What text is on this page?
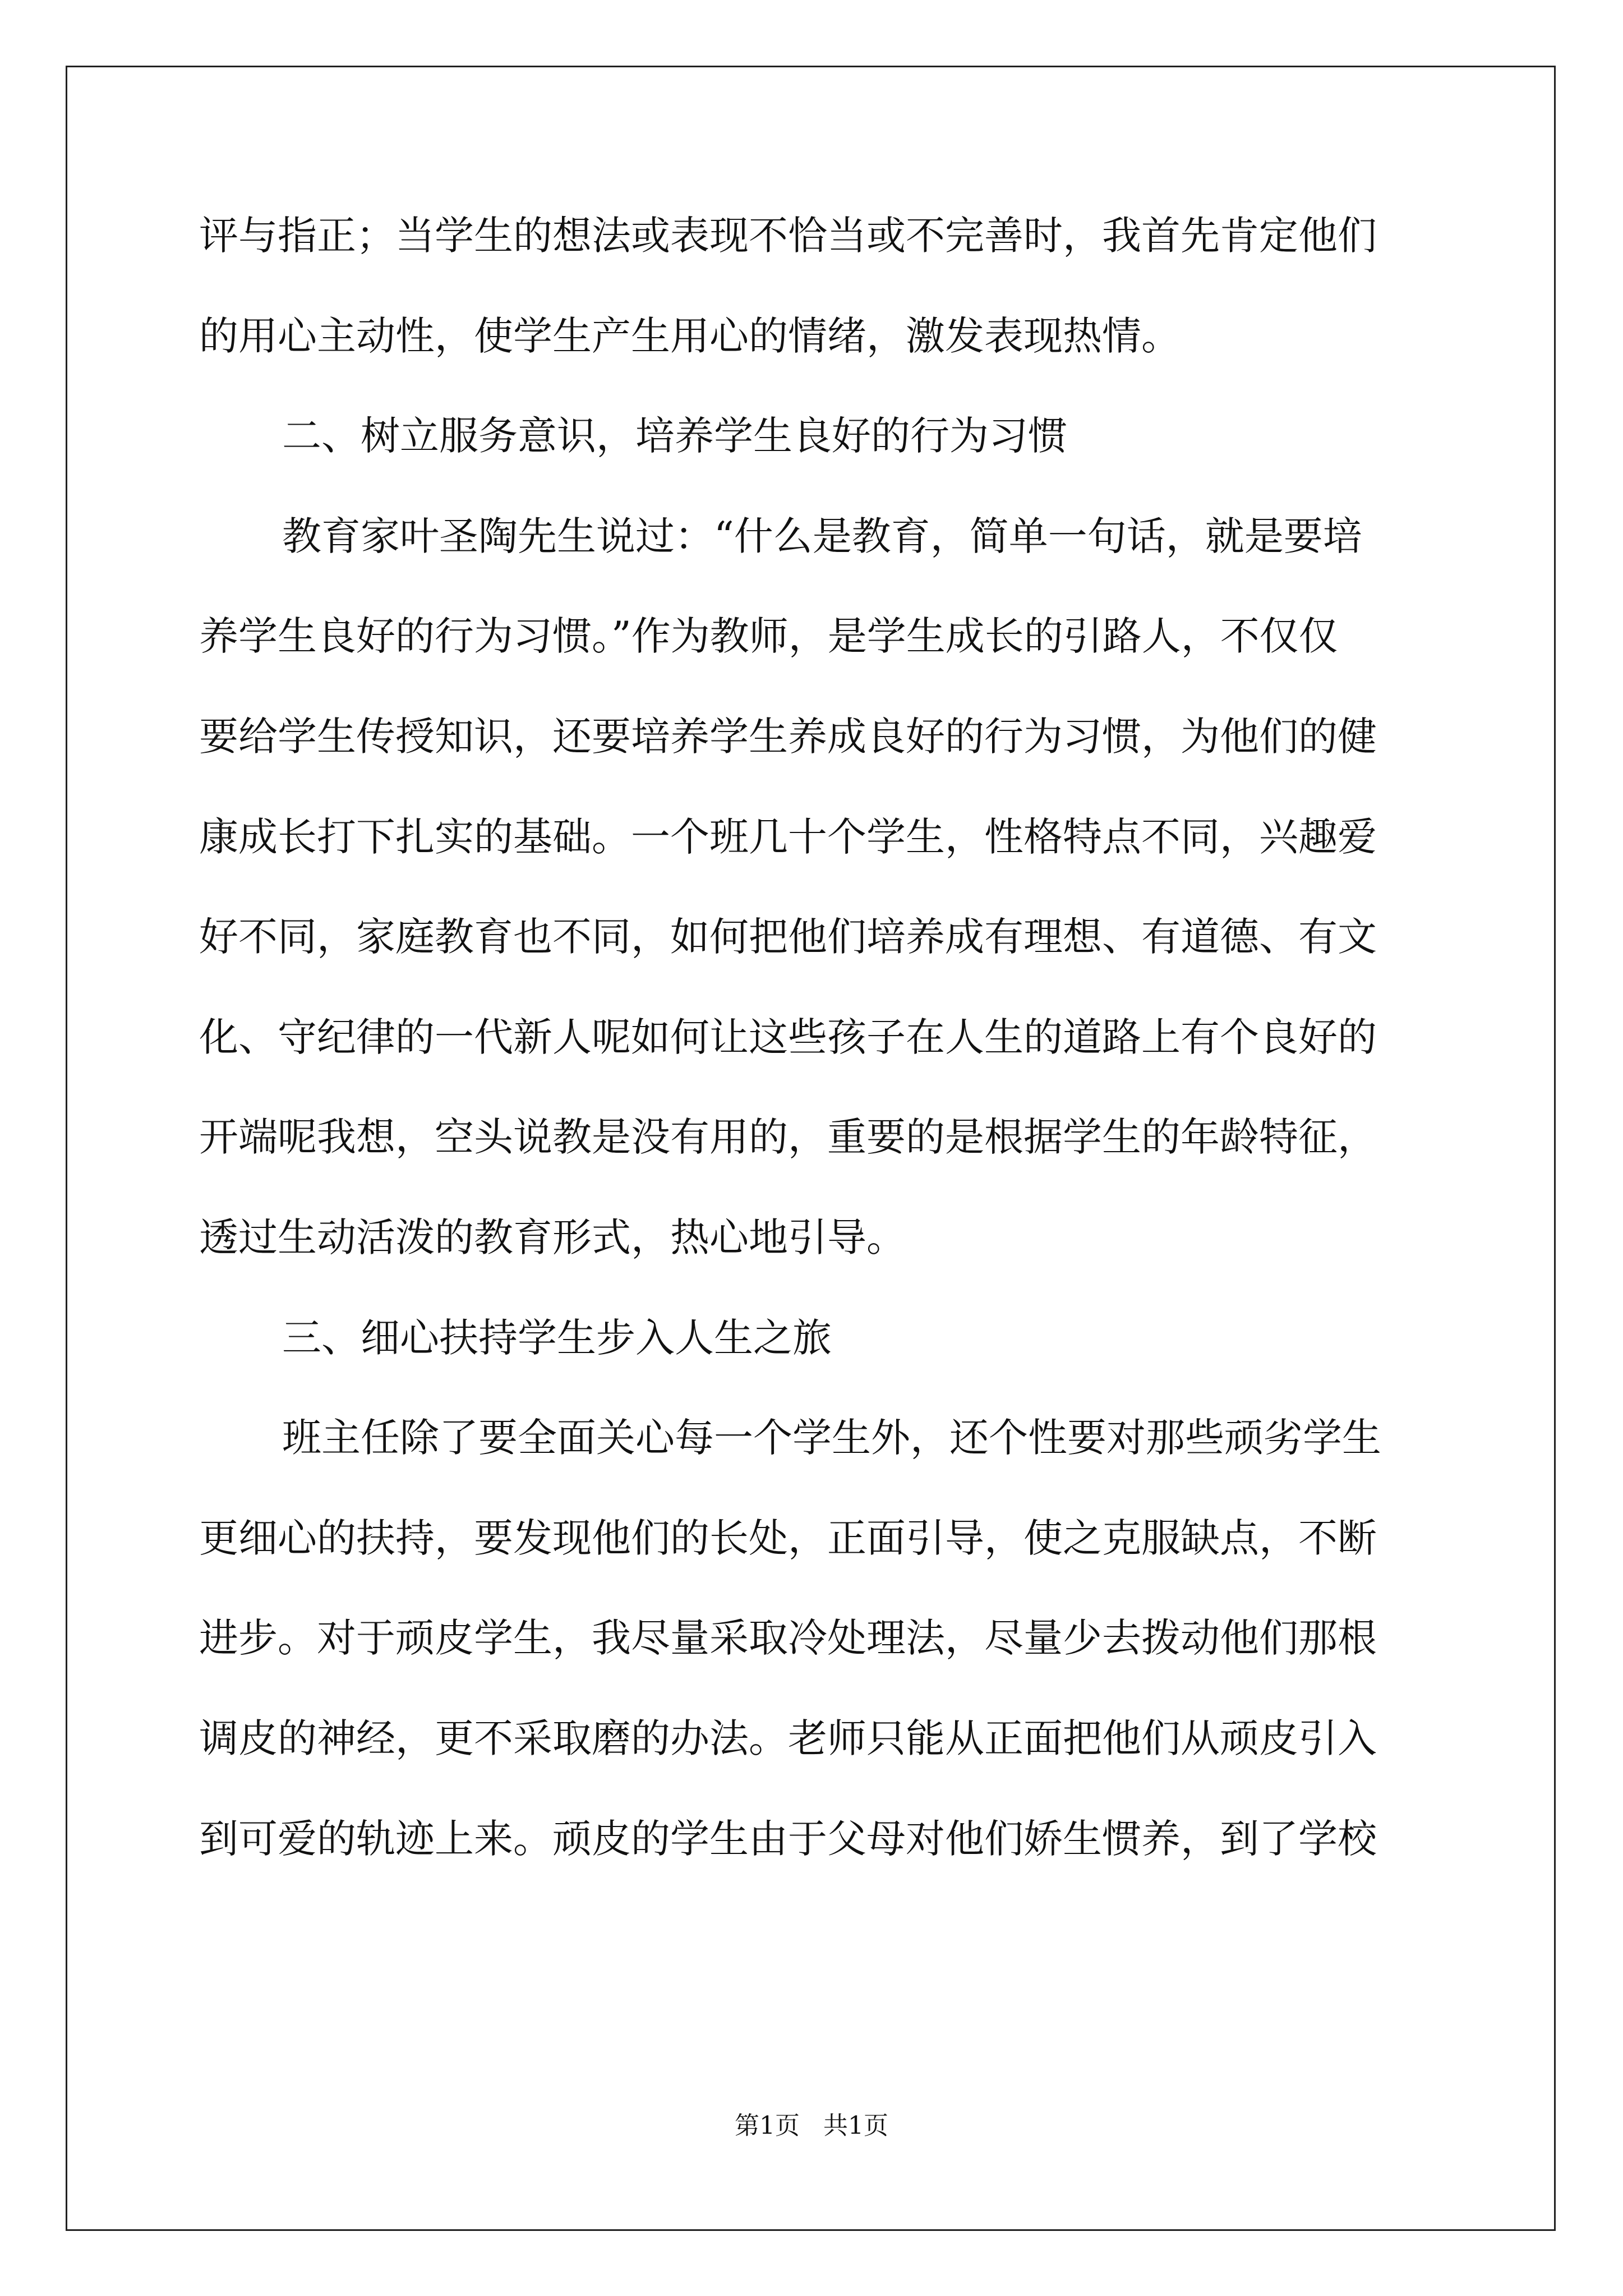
评与指正；当学生的想法或表现不恰当或不完善时，我首先肯定他们
的用心主动性，使学生产生用心的情绪，激发表现热情。
二、树立服务意识，培养学生良好的行为习惯
教育家叶圣陶先生说过：“什么是教育，简单一句话，就是要培
养学生良好的行为习惯。”作为教师，是学生成长的引路人，不仅仅
要给学生传授知识，还要培养学生养成良好的行为习惯，为他们的健
康成长打下扎实的基础。一个班几十个学生，性格特点不同，兴趣爱
好不同，家庭教育也不同，如何把他们培养成有理想、有道德、有文
化、守纪律的一代新人呢如何让这些孩子在人生的道路上有个良好的
开端呢我想，空头说教是没有用的，重要的是根据学生的年龄特征，
透过生动活泼的教育形式，热心地引导。
三、细心扶持学生步入人生之旅
班主任除了要全面关心每一个学生外，还个性要对那些顽劣学生
更细心的扶持，要发现他们的长处，正面引导，使之克服缺点，不断
进步。对于顽皮学生，我尽量采取冷处理法，尽量少去拨动他们那根
调皮的神经，更不采取磨的办法。老师只能从正面把他们从顽皮引入
到可爱的轨迹上来。顽皮的学生由于父母对他们娇生惯养，到了学校
第1页   共1页
